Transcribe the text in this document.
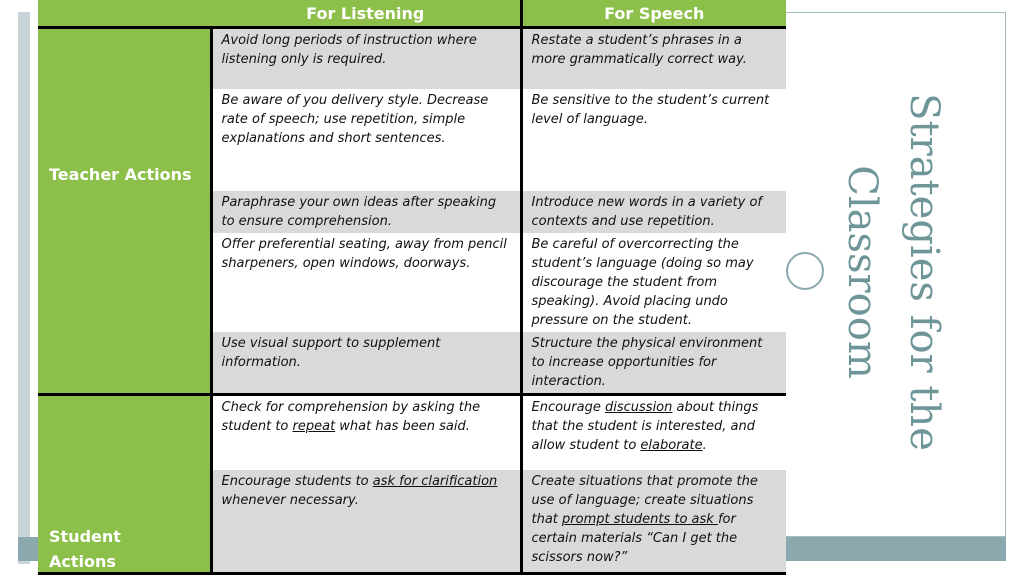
Strategies for the
Classroom
	For Listening	For Speech

Teacher Actions	Avoid long periods of instruction where listening only is required.	Restate a student’s phrases in a more grammatically correct way.
	Be aware of you delivery style. Decrease rate of speech; use repetition, simple explanations and short sentences.	Be sensitive to the student’s current level of language.
	Paraphrase your own ideas after speaking to ensure comprehension.	Introduce new words in a variety of contexts and use repetition.
	Offer preferential seating, away from pencil sharpeners, open windows, doorways.	Be careful of overcorrecting the student’s language (doing so may discourage the student from speaking). Avoid placing undo pressure on the student.
	Use visual support to supplement information.	Structure the physical environment to increase opportunities for interaction.

Student
Actions	Check for comprehension by asking the student to repeat what has been said.	Encourage discussion about things that the student is interested, and allow student to elaborate.
	Encourage students to ask for clarification whenever necessary.	Create situations that promote the use of language; create situations that prompt students to ask for certain materials “Can I get the scissors now?”
